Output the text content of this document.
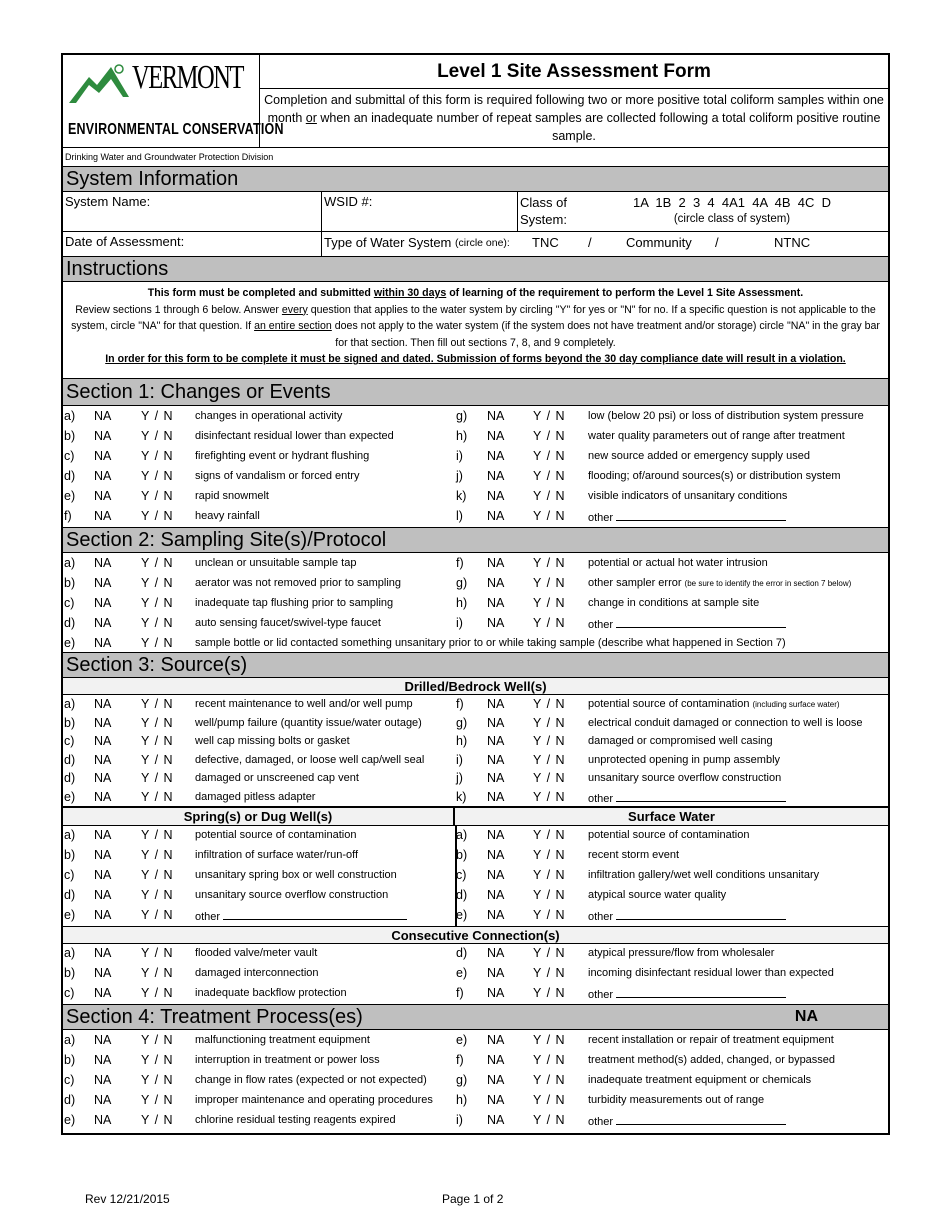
VERMONT
ENVIRONMENTAL CONSERVATION
Level 1 Site Assessment Form
Completion and submittal of this form is required following two or more positive total coliform samples within one month or when an inadequate number of repeat samples are collected following a total coliform positive routine sample.
Drinking Water and Groundwater Protection Division
System Information
System Name:	WSID #:	Class of
System:
1A  1B  2  3  4  4A1  4A  4B  4C  D
(circle class of system)
Date of Assessment:	Type of Water System (circle one): TNC /	Community /	NTNC
Instructions
This form must be completed and submitted within 30 days of learning of the requirement to perform the Level 1 Site Assessment.
Review sections 1 through 6 below. Answer every question that applies to the water system by circling "Y" for yes or "N" for no. If a specific question is not applicable to the system, circle "NA" for that question. If an entire section does not apply to the water system (if the system does not have treatment and/or storage) circle "NA" in the gray bar for that section. Then fill out sections 7, 8, and 9 completely.
In order for this form to be complete it must be signed and dated. Submission of forms beyond the 30 day compliance date will result in a violation.
Section 1: Changes or Events
a) NA Y / N changes in operational activity	g) NA Y / N low (below 20 psi) or loss of distribution system pressure
b) NA Y / N disinfectant residual lower than expected	h) NA Y / N water quality parameters out of range after treatment
c) NA Y / N firefighting event or hydrant flushing	i) NA Y / N new source added or emergency supply used
d) NA Y / N signs of vandalism or forced entry	j) NA Y / N flooding; of/around sources(s) or distribution system
e) NA Y / N rapid snowmelt	k) NA Y / N visible indicators of unsanitary conditions
f) NA Y / N heavy rainfall	l) NA Y / N other
Section 2: Sampling Site(s)/Protocol
a) NA Y / N unclean or unsuitable sample tap	f) NA Y / N potential or actual hot water intrusion
b) NA Y / N aerator was not removed prior to sampling	g) NA Y / N other sampler error (be sure to identify the error in section 7 below)
c) NA Y / N inadequate tap flushing prior to sampling	h) NA Y / N change in conditions at sample site
d) NA Y / N auto sensing faucet/swivel-type faucet	i) NA Y / N other
e) NA Y / N sample bottle or lid contacted something unsanitary prior to or while taking sample (describe what happened in Section 7)
Section 3: Source(s)
Drilled/Bedrock Well(s)
a) NA Y / N recent maintenance to well and/or well pump	f) NA Y / N potential source of contamination (including surface water)
b) NA Y / N well/pump failure (quantity issue/water outage)	g) NA Y / N electrical conduit damaged or connection to well is loose
c) NA Y / N well cap missing bolts or gasket	h) NA Y / N damaged or compromised well casing
d) NA Y / N defective, damaged, or loose well cap/well seal	i) NA Y / N unprotected opening in pump assembly
d) NA Y / N damaged or unscreened cap vent	j) NA Y / N unsanitary source overflow construction
e) NA Y / N damaged pitless adapter	k) NA Y / N other
Spring(s) or Dug Well(s)	Surface Water
a) NA Y / N potential source of contamination	a) NA Y / N potential source of contamination
b) NA Y / N infiltration of surface water/run-off	b) NA Y / N recent storm event
c) NA Y / N unsanitary spring box or well construction	c) NA Y / N infiltration gallery/wet well conditions unsanitary
d) NA Y / N unsanitary source overflow construction	d) NA Y / N atypical source water quality
e) NA Y / N other	e) NA Y / N other
Consecutive Connection(s)
a) NA Y / N flooded valve/meter vault	d) NA Y / N atypical pressure/flow from wholesaler
b) NA Y / N damaged interconnection	e) NA Y / N incoming disinfectant residual lower than expected
c) NA Y / N inadequate backflow protection	f) NA Y / N other
Section 4: Treatment Process(es)	NA
a) NA Y / N malfunctioning treatment equipment	e) NA Y / N recent installation or repair of treatment equipment
b) NA Y / N interruption in treatment or power loss	f) NA Y / N treatment method(s) added, changed, or bypassed
c) NA Y / N change in flow rates (expected or not expected) g) NA Y / N inadequate treatment equipment or chemicals
d) NA Y / N improper maintenance and operating procedures h) NA Y / N turbidity measurements out of range
e) NA Y / N chlorine residual testing reagents expired	i) NA Y / N other
Rev 12/21/2015	Page 1 of 2
